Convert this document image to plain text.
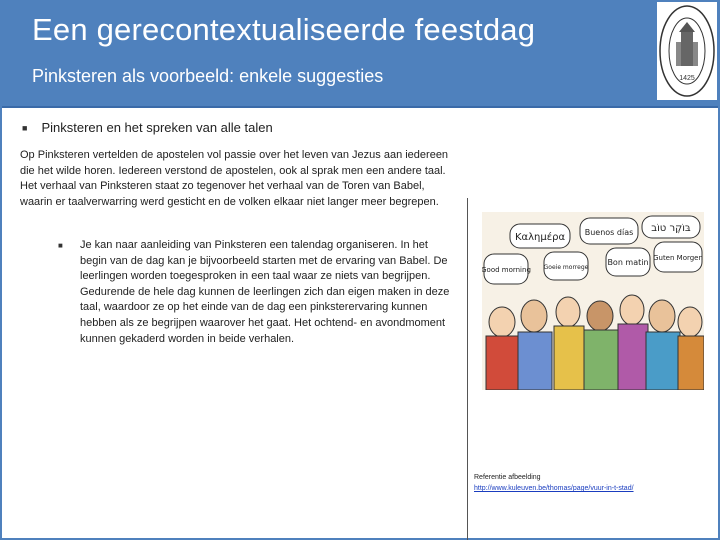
Een gerecontextualiseerde feestdag
Pinksteren als voorbeeld: enkele suggesties	1425
■ Pinksteren en het spreken van alle talen
Op Pinksteren vertelden de apostelen vol passie over het leven van Jezus aan iedereen die het wilde horen. Iedereen verstond de apostelen, ook al sprak men een andere taal. Het verhaal van Pinksteren staat zo tegenover het verhaal van de Toren van Babel, waarin er taalverwarring werd gesticht en de volken elkaar niet langer meer begrepen.
■ Je kan naar aanleiding van Pinksteren een talendag organiseren. In het begin van de dag kan je bijvoorbeeld starten met de ervaring van Babel. De leerlingen worden toegesproken in een taal waar ze niets van begrijpen. Gedurende de hele dag kunnen de leerlingen zich dan eigen maken in deze taal, waardoor ze op het einde van de dag een pinksterervaring kunnen hebben als ze begrijpen waarover het gaat. Het ochtend- en avondmoment kunnen gekaderd worden in beide verhalen.
Καλημέρα
בּוֹקֶר טוֹב
Buenos días
Bon matin Guten Morgen
Good morning Goeie morrege
Referentie afbeelding
http://www.kuleuven.be/thomas/page/vuur-in-t-stad/
